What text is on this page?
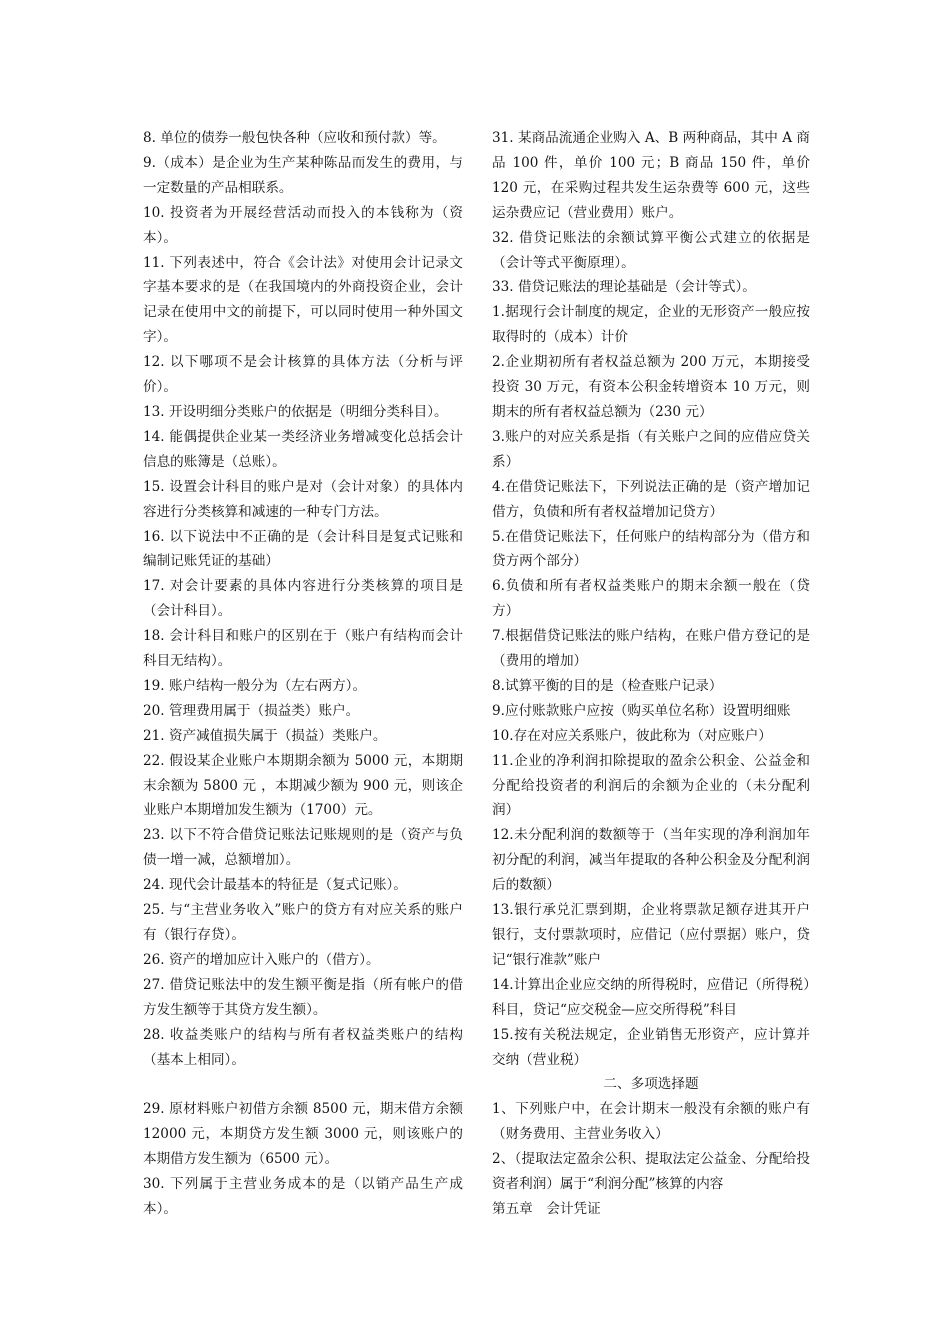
8. 单位的债券一般包快各种（应收和预付款）等。

9.（成本）是企业为生产某种陈品而发生的费用，与一定数量的产品相联系。

10. 投资者为开展经营活动而投入的本钱称为（资本）。

11. 下列表述中，符合《会计法》对使用会计记录文字基本要求的是（在我国境内的外商投资企业，会计记录在使用中文的前提下，可以同时使用一种外国文字）。

12. 以下哪项不是会计核算的具体方法（分析与评价）。

13. 开设明细分类账户的依据是（明细分类科目）。

14. 能偶提供企业某一类经济业务增减变化总括会计信息的账簿是（总账）。

15. 设置会计科目的账户是对（会计对象）的具体内容进行分类核算和减速的一种专门方法。

16. 以下说法中不正确的是（会计科目是复式记账和编制记账凭证的基础）

17. 对会计要素的具体内容进行分类核算的项目是（会计科目）。

18. 会计科目和账户的区别在于（账户有结构而会计科目无结构）。

19. 账户结构一般分为（左右两方）。

20. 管理费用属于（损益类）账户。

21. 资产减值损失属于（损益）类账户。

22. 假设某企业账户本期期余额为 5000 元，本期期末余额为 5800 元 ，本期减少额为 900 元，则该企业账户本期增加发生额为（1700）元。

23. 以下不符合借贷记账法记账规则的是（资产与负债一增一减，总额增加）。

24. 现代会计最基本的特征是（复式记账）。

25. 与“主营业务收入”账户的贷方有对应关系的账户有（银行存贷）。

26. 资产的增加应计入账户的（借方）。

27. 借贷记账法中的发生额平衡是指（所有帐户的借方发生额等于其贷方发生额）。

28. 收益类账户的结构与所有者权益类账户的结构（基本上相同）。

29. 原材料账户初借方余额 8500 元，期末借方余额 12000 元，本期贷方发生额 3000 元，则该账户的本期借方发生额为（6500 元）。

30. 下列属于主营业务成本的是（以销产品生产成本）。

31. 某商品流通企业购入 A、B 两种商品，其中 A 商品 100 件，单价 100 元；B 商品 150 件，单价 120 元，在采购过程共发生运杂费等 600 元，这些运杂费应记（营业费用）账户。

32. 借贷记账法的余额试算平衡公式建立的依据是（会计等式平衡原理）。

33. 借贷记账法的理论基础是（会计等式）。

1.据现行会计制度的规定，企业的无形资产一般应按取得时的（成本）计价

2.企业期初所有者权益总额为 200 万元，本期接受投资 30 万元，有资本公积金转增资本 10 万元，则期末的所有者权益总额为（230 元）

3.账户的对应关系是指（有关账户之间的应借应贷关系）

4.在借贷记账法下，下列说法正确的是（资产增加记借方，负债和所有者权益增加记贷方）

5.在借贷记账法下，任何账户的结构部分为（借方和贷方两个部分）

6.负债和所有者权益类账户的期末余额一般在（贷方）

7.根据借贷记账法的账户结构，在账户借方登记的是（费用的增加）

8.试算平衡的目的是（检查账户记录）

9.应付账款账户应按（购买单位名称）设置明细账

10.存在对应关系账户，彼此称为（对应账户）

11.企业的净利润扣除提取的盈余公积金、公益金和分配给投资者的利润后的余额为企业的（未分配利润）

12.未分配利润的数额等于（当年实现的净利润加年初分配的利润，减当年提取的各种公积金及分配利润后的数额）

13.银行承兑汇票到期，企业将票款足额存进其开户银行，支付票款项时，应借记（应付票据）账户，贷记“银行准款”账户

14.计算出企业应交纳的所得税时，应借记（所得税）科目，贷记“应交税金—应交所得税”科目

15.按有关税法规定，企业销售无形资产，应计算并交纳（营业税）

二、多项选择题

1、下列账户中，在会计期末一般没有余额的账户有（财务费用、主营业务收入）

2、（提取法定盈余公积、提取法定公益金、分配给投资者利润）属于“利润分配”核算的内容

第五章　会计凭证
